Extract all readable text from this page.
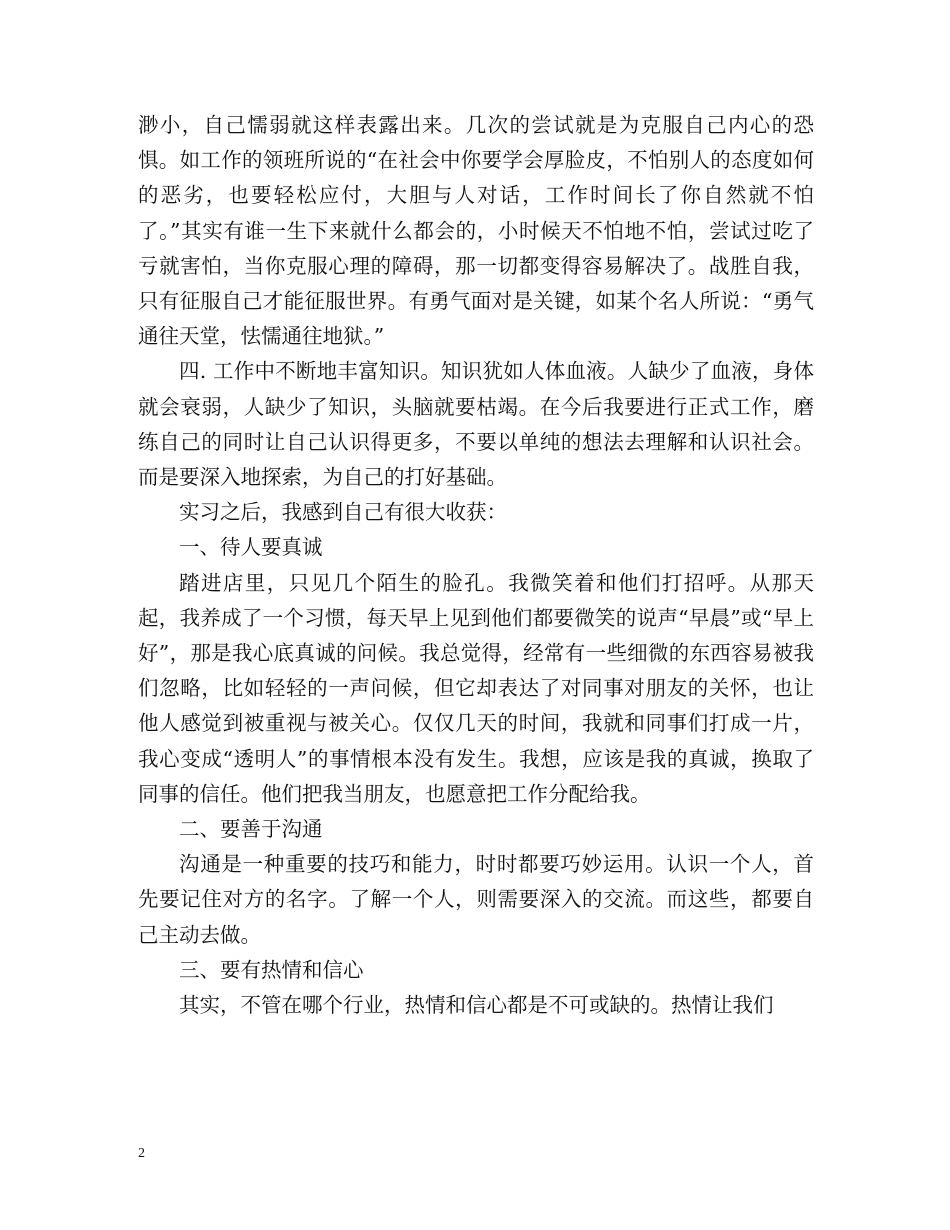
渺小，自己懦弱就这样表露出来。几次的尝试就是为克服自己内心的恐惧。如工作的领班所说的“在社会中你要学会厚脸皮，不怕别人的态度如何的恶劣，也要轻松应付，大胆与人对话，工作时间长了你自然就不怕了。”其实有谁一生下来就什么都会的，小时候天不怕地不怕，尝试过吃了亏就害怕，当你克服心理的障碍，那一切都变得容易解决了。战胜自我，只有征服自己才能征服世界。有勇气面对是关键，如某个名人所说：“勇气通往天堂，怯懦通往地狱。”

四. 工作中不断地丰富知识。知识犹如人体血液。人缺少了血液，身体就会衰弱，人缺少了知识，头脑就要枯竭。在今后我要进行正式工作，磨练自己的同时让自己认识得更多，不要以单纯的想法去理解和认识社会。而是要深入地探索，为自己的打好基础。

实习之后，我感到自己有很大收获：

一、待人要真诚

踏进店里，只见几个陌生的脸孔。我微笑着和他们打招呼。从那天起，我养成了一个习惯，每天早上见到他们都要微笑的说声“早晨”或“早上好”，那是我心底真诚的问候。我总觉得，经常有一些细微的东西容易被我们忽略，比如轻轻的一声问候，但它却表达了对同事对朋友的关怀，也让他人感觉到被重视与被关心。仅仅几天的时间，我就和同事们打成一片，我心变成“透明人”的事情根本没有发生。我想，应该是我的真诚，换取了同事的信任。他们把我当朋友，也愿意把工作分配给我。

二、要善于沟通

沟通是一种重要的技巧和能力，时时都要巧妙运用。认识一个人，首先要记住对方的名字。了解一个人，则需要深入的交流。而这些，都要自己主动去做。

三、要有热情和信心

其实，不管在哪个行业，热情和信心都是不可或缺的。热情让我们

2
